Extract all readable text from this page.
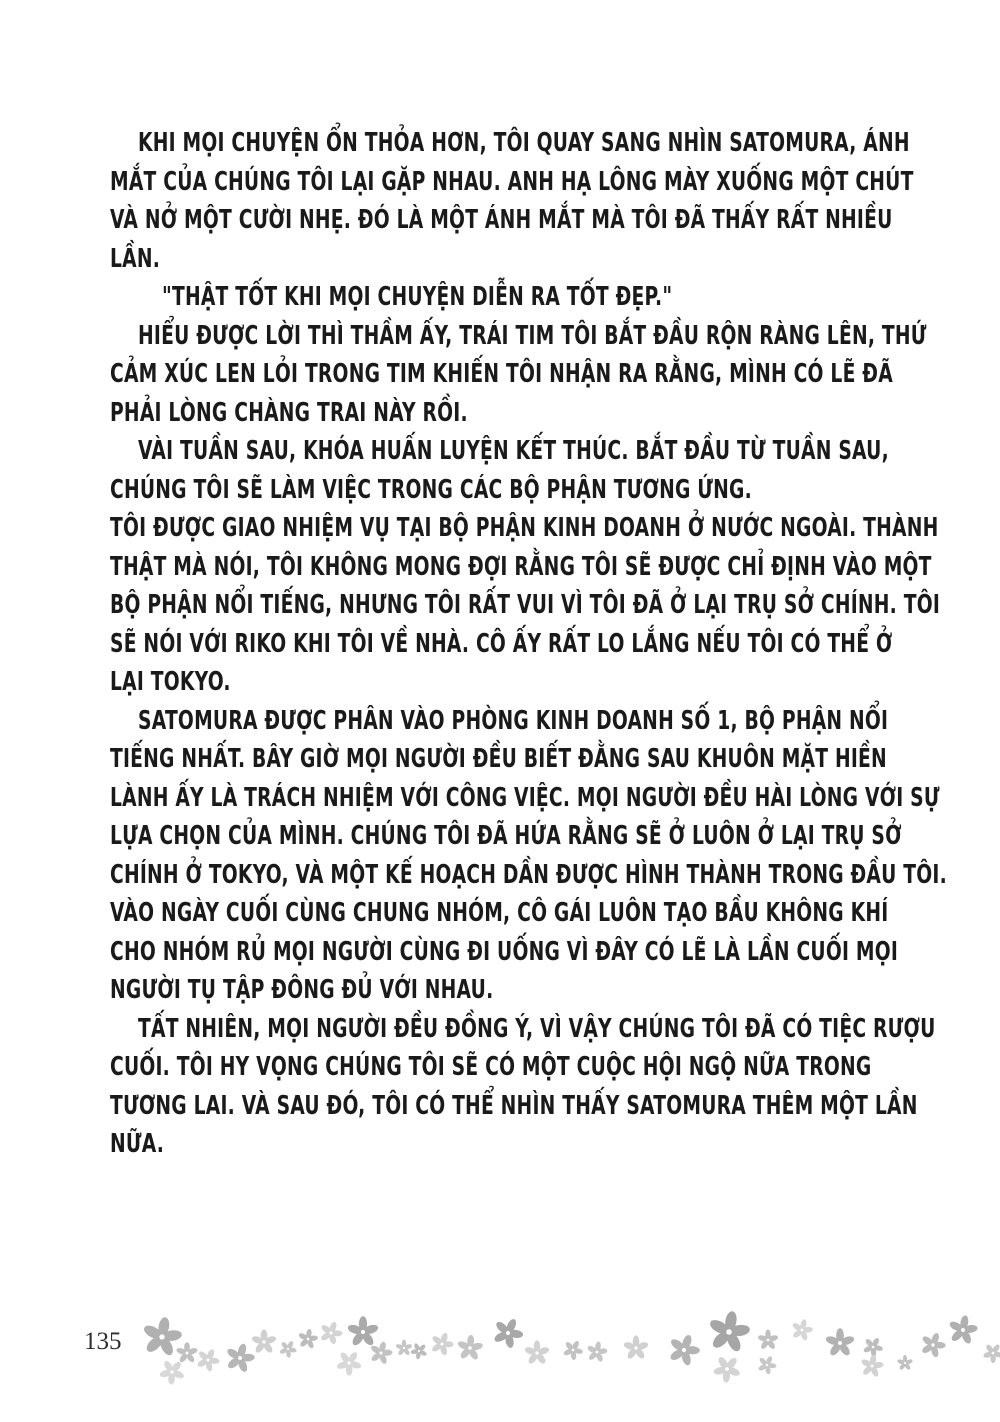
KHI MỌI CHUYỆN ỔN THỎA HƠN, TÔI QUAY SANG NHÌN SATOMURA, ÁNH
MẮT CỦA CHÚNG TÔI LẠI GẶP NHAU. ANH HẠ LÔNG MÀY XUỐNG MỘT CHÚT
VÀ NỞ MỘT CƯỜI NHẸ. ĐÓ LÀ MỘT ÁNH MẮT MÀ TÔI ĐÃ THẤY RẤT NHIỀU
LẦN.
"THẬT TỐT KHI MỌI CHUYỆN DIỄN RA TỐT ĐẸP."
HIỂU ĐƯỢC LỜI THÌ THẦM ẤY, TRÁI TIM TÔI BẮT ĐẦU RỘN RÀNG LÊN, THỨ
CẢM XÚC LEN LỎI TRONG TIM KHIẾN TÔI NHẬN RA RẰNG, MÌNH CÓ LẼ ĐÃ
PHẢI LÒNG CHÀNG TRAI NÀY RỒI.
VÀI TUẦN SAU, KHÓA HUẤN LUYỆN KẾT THÚC. BẮT ĐẦU TỪ TUẦN SAU,
CHÚNG TÔI SẼ LÀM VIỆC TRONG CÁC BỘ PHẬN TƯƠNG ỨNG.
TÔI ĐƯỢC GIAO NHIỆM VỤ TẠI BỘ PHẬN KINH DOANH Ở NƯỚC NGOÀI. THÀNH
THẬT MÀ NÓI, TÔI KHÔNG MONG ĐỢI RẰNG TÔI SẼ ĐƯỢC CHỈ ĐỊNH VÀO MỘT
BỘ PHẬN NỔI TIẾNG, NHƯNG TÔI RẤT VUI VÌ TÔI ĐÃ Ở LẠI TRỤ SỞ CHÍNH. TÔI
SẼ NÓI VỚI RIKO KHI TÔI VỀ NHÀ. CÔ ẤY RẤT LO LẮNG NẾU TÔI CÓ THỂ Ở
LẠI TOKYO.
SATOMURA ĐƯỢC PHÂN VÀO PHÒNG KINH DOANH SỐ 1, BỘ PHẬN NỔI
TIẾNG NHẤT. BÂY GIỜ MỌI NGƯỜI ĐỀU BIẾT ĐẰNG SAU KHUÔN MẶT HIỀN
LÀNH ẤY LÀ TRÁCH NHIỆM VỚI CÔNG VIỆC. MỌI NGƯỜI ĐỀU HÀI LÒNG VỚI SỰ
LỰA CHỌN CỦA MÌNH. CHÚNG TÔI ĐÃ HỨA RẰNG SẼ Ở LUÔN Ở LẠI TRỤ SỞ
CHÍNH Ở TOKYO, VÀ MỘT KẾ HOẠCH DẦN ĐƯỢC HÌNH THÀNH TRONG ĐẦU TÔI.
VÀO NGÀY CUỐI CÙNG CHUNG NHÓM, CÔ GÁI LUÔN TẠO BẦU KHÔNG KHÍ
CHO NHÓM RỦ MỌI NGƯỜI CÙNG ĐI UỐNG VÌ ĐÂY CÓ LẼ LÀ LẦN CUỐI MỌI
NGƯỜI TỤ TẬP ĐÔNG ĐỦ VỚI NHAU.
TẤT NHIÊN, MỌI NGƯỜI ĐỀU ĐỒNG Ý, VÌ VẬY CHÚNG TÔI ĐÃ CÓ TIỆC RƯỢU
CUỐI. TÔI HY VỌNG CHÚNG TÔI SẼ CÓ MỘT CUỘC HỘI NGỘ NỮA TRONG
TƯƠNG LAI. VÀ SAU ĐÓ, TÔI CÓ THỂ NHÌN THẤY SATOMURA THÊM MỘT LẦN
NỮA.
135
